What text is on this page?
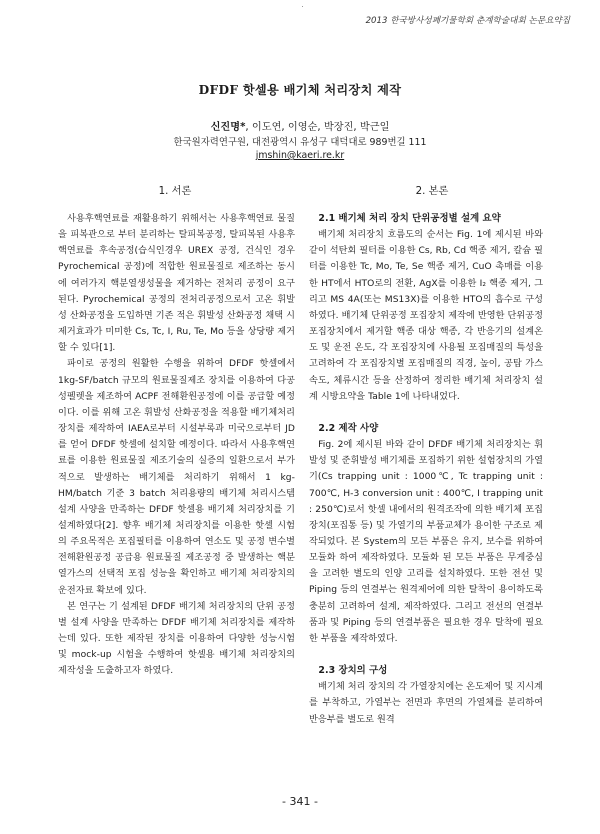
2013 한국방사성폐기물학회 춘계학술대회 논문요약집
DFDF 핫셀용 배기체 처리장치 제작
신진명*, 이도연, 이영순, 박장진, 박근일
한국원자력연구원, 대전광역시 유성구 대덕대로 989번길 111
jmshin@kaeri.re.kr
1. 서론	2. 본론

사용후핵연료를 재활용하기 위해서는 사용후핵연료 물질을 피복관으로 부터 분리하는 탈피복공정, 탈피복된 사용후핵연료를 후속공정(습식인경우 UREX 공정, 건식인 경우 Pyrochemical 공정)에 적합한 원료물질로 제조하는 동시에 여러가지 핵분열생성물을 제거하는 전처리 공정이 요구된다. Pyrochemical 공정의 전처리공정으로서 고온 휘발성 산화공정을 도입하면 기존 적은 휘발성 산화공정 채택 시 제거효과가 미미한 Cs, Tc, I, Ru, Te, Mo 등을 상당량 제거할 수 있다[1].

파이로 공정의 원활한 수행을 위하여 DFDF 핫셀에서 1kg-SF/batch 규모의 원료물질제조 장치를 이용하여 다공성펠렛을 제조하여 ACPF 전해환원공정에 이를 공급할 예정이다. 이를 위해 고온 휘발성 산화공정을 적용할 배기체처리장치를 제작하여 IAEA로부터 시설부록과 미국으로부터 JD를 얻어 DFDF 핫셀에 설치할 예정이다. 따라서 사용후핵연료를 이용한 원료물질 제조기술의 실증의 일환으로서 부가적으로 발생하는 배기체를 처리하기 위해서 1 kg-HM/batch 기준 3 batch 처리용량의 배기체 처리시스템 설계 사양을 만족하는 DFDF 핫셀용 배기체 처리장치를 기 설계하였다[2]. 향후 배기체 처리장치를 이용한 핫셀 시험의 주요목적은 포집필터를 이용하여 연소도 및 공정 변수별 전해환원공정 공급용 원료물질 제조공정 중 발생하는 핵분열가스의 선택적 포집 성능을 확인하고 배기체 처리장치의 운전자료 확보에 있다.

본 연구는 기 설계된 DFDF 배기체 처리장치의 단위 공정별 설계 사양을 만족하는 DFDF 배기체 처리장치를 제작하는데 있다. 또한 제작된 장치를 이용하여 다양한 성능시험 및 mock-up 시험을 수행하여 핫셀용 배기체 처리장치의 제작성을 도출하고자 하였다.

2.1 배기체 처리 장치 단위공정별 설계 요약

배기체 처리장치 흐름도의 순서는 Fig. 1에 제시된 바와 같이 석탄회 필터를 이용한 Cs, Rb, Cd 핵종 제거, 칼슘 필터를 이용한 Tc, Mo, Te, Se 핵종 제거, CuO 촉매를 이용한 HT에서 HTO로의 전환, AgX를 이용한 I₂ 핵종 제거, 그리고 MS 4A(또는 MS13X)를 이용한 HTO의 흡수로 구성하였다. 배기체 단위공정 포집장치 제작에 반영한 단위공정 포집장치에서 제거할 핵종 대상 핵종, 각 반응기의 설계온도 및 운전 온도, 각 포집장치에 사용될 포집매질의 특성을 고려하여 각 포집장치별 포집매질의 직경, 높이, 공탑 가스속도, 체류시간 등을 산정하여 정리한 배기체 처리장치 설계 시방요약을 Table 1에 나타내었다.

2.2 제작 사양

Fig. 2에 제시된 바와 같이 DFDF 배기체 처리장치는 휘발성 및 준휘발성 배기체를 포집하기 위한 설험장치의 가열기(Cs trapping unit : 1000℃, Tc trapping unit : 700℃, H-3 conversion unit : 400℃, I trapping unit : 250℃)로서 핫셀 내에서의 원격조작에 의한 배기체 포집장치(포집통 등) 및 가열기의 부품교체가 용이한 구조로 제작되었다. 본 System의 모든 부품은 유지, 보수를 위하여 모듈화 하여 제작하였다. 모듈화 된 모든 부품은 무게중심을 고려한 별도의 인양 고리를 설치하였다. 또한 전선 및 Piping 등의 연결부는 원격제어에 의한 탈착이 용이하도록 충분히 고려하여 설계, 제작하였다. 그리고 전선의 연결부품과 및 Piping 등의 연결부품은 필요한 경우 탈착에 필요한 부품을 제작하였다.

2.3 장치의 구성

배기체 처리 장치의 각 가열장치에는 온도제어 및 지시계를 부착하고, 가열부는 전면과 후면의 가열체를 분리하여 반응부를 별도로 원격

- 341 -
